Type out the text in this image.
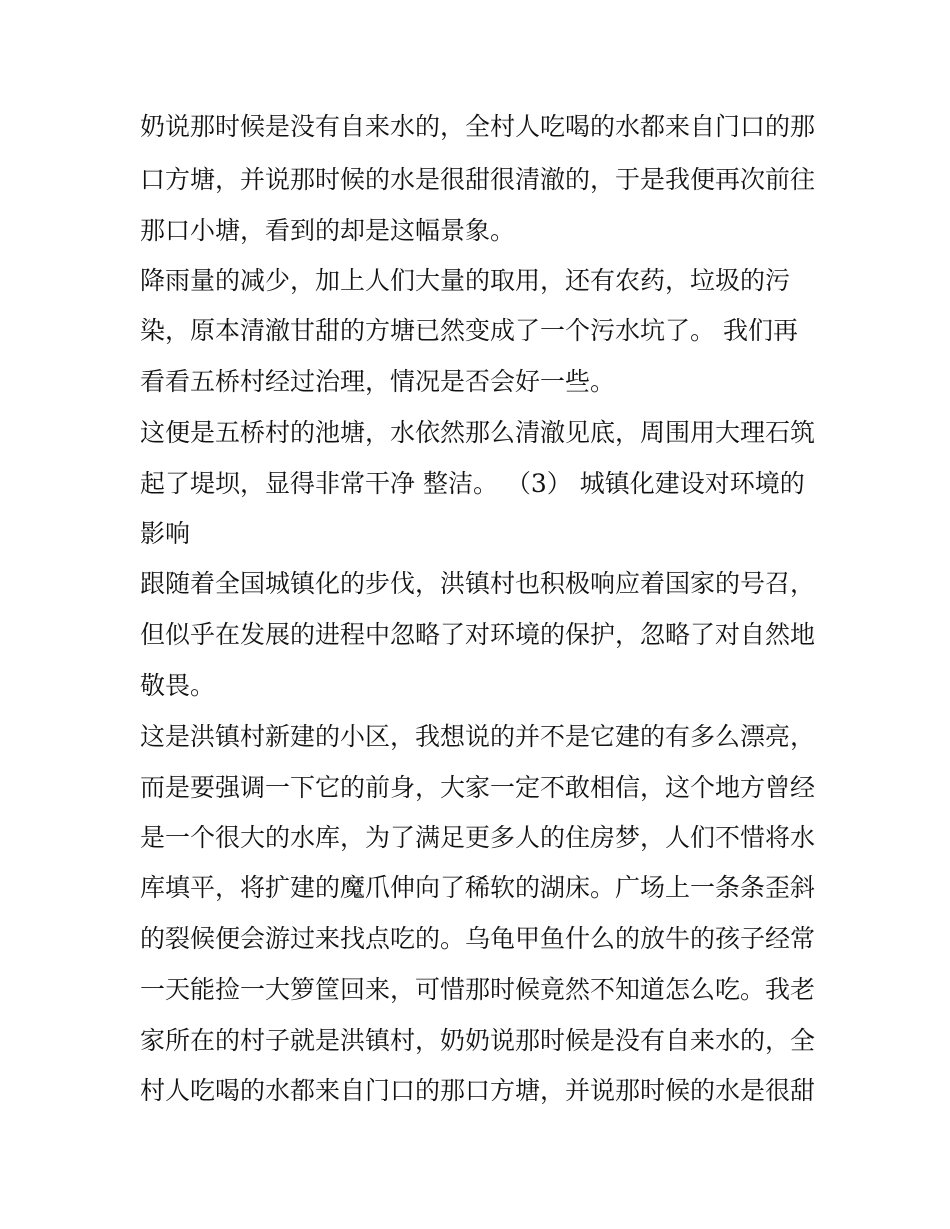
奶说那时候是没有自来水的，全村人吃喝的水都来自门口的那
口方塘，并说那时候的水是很甜很清澈的，于是我便再次前往
那口小塘，看到的却是这幅景象。
降雨量的减少，加上人们大量的取用，还有农药，垃圾的污
染，原本清澈甘甜的方塘已然变成了一个污水坑了。 我们再
看看五桥村经过治理，情况是否会好一些。
这便是五桥村的池塘，水依然那么清澈见底，周围用大理石筑
起了堤坝，显得非常干净 整洁。 （3） 城镇化建设对环境的
影响
跟随着全国城镇化的步伐，洪镇村也积极响应着国家的号召，
但似乎在发展的进程中忽略了对环境的保护，忽略了对自然地
敬畏。
这是洪镇村新建的小区，我想说的并不是它建的有多么漂亮，
而是要强调一下它的前身，大家一定不敢相信，这个地方曾经
是一个很大的水库，为了满足更多人的住房梦，人们不惜将水
库填平，将扩建的魔爪伸向了稀软的湖床。广场上一条条歪斜
的裂候便会游过来找点吃的。乌龟甲鱼什么的放牛的孩子经常
一天能捡一大箩筐回来，可惜那时候竟然不知道怎么吃。我老
家所在的村子就是洪镇村，奶奶说那时候是没有自来水的，全
村人吃喝的水都来自门口的那口方塘，并说那时候的水是很甜
